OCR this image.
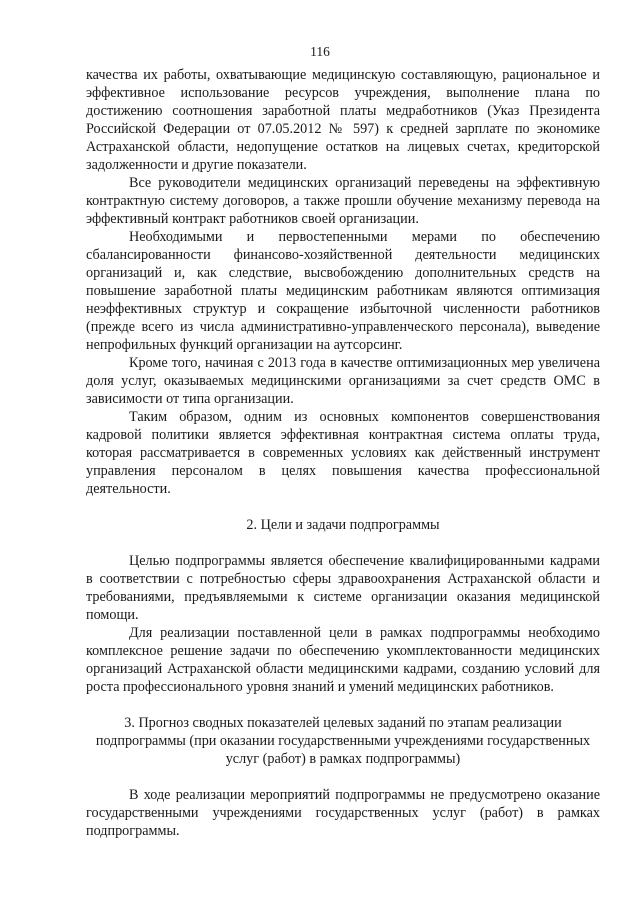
116

качества их работы, охватывающие медицинскую составляющую, рациональное и эффективное использование ресурсов учреждения, выполнение плана по достижению соотношения заработной платы медработников (Указ Президента Российской Федерации от 07.05.2012 № 597) к средней зарплате по экономике Астраханской области, недопущение остатков на лицевых счетах, кредиторской задолженности и другие показатели.

Все руководители медицинских организаций переведены на эффективную контрактную систему договоров, а также прошли обучение механизму перевода на эффективный контракт работников своей организации.

Необходимыми и первостепенными мерами по обеспечению сбалансированности финансово-хозяйственной деятельности медицинских организаций и, как следствие, высвобождению дополнительных средств на повышение заработной платы медицинским работникам являются оптимизация неэффективных структур и сокращение избыточной численности работников (прежде всего из числа административно-управленческого персонала), выведение непрофильных функций организации на аутсорсинг.

Кроме того, начиная с 2013 года в качестве оптимизационных мер увеличена доля услуг, оказываемых медицинскими организациями за счет средств ОМС в зависимости от типа организации.

Таким образом, одним из основных компонентов совершенствования кадровой политики является эффективная контрактная система оплаты труда, которая рассматривается в современных условиях как действенный инструмент управления персоналом в целях повышения качества профессиональной деятельности.

2. Цели и задачи подпрограммы

Целью подпрограммы является обеспечение квалифицированными кадрами в соответствии с потребностью сферы здравоохранения Астраханской области и требованиями, предъявляемыми к системе организации оказания медицинской помощи.

Для реализации поставленной цели в рамках подпрограммы необходимо комплексное решение задачи по обеспечению укомплектованности медицинских организаций Астраханской области медицинскими кадрами, созданию условий для роста профессионального уровня знаний и умений медицинских работников.

3. Прогноз сводных показателей целевых заданий по этапам реализации подпрограммы (при оказании государственными учреждениями государственных услуг (работ) в рамках подпрограммы)

В ходе реализации мероприятий подпрограммы не предусмотрено оказание государственными учреждениями государственных услуг (работ) в рамках подпрограммы.
